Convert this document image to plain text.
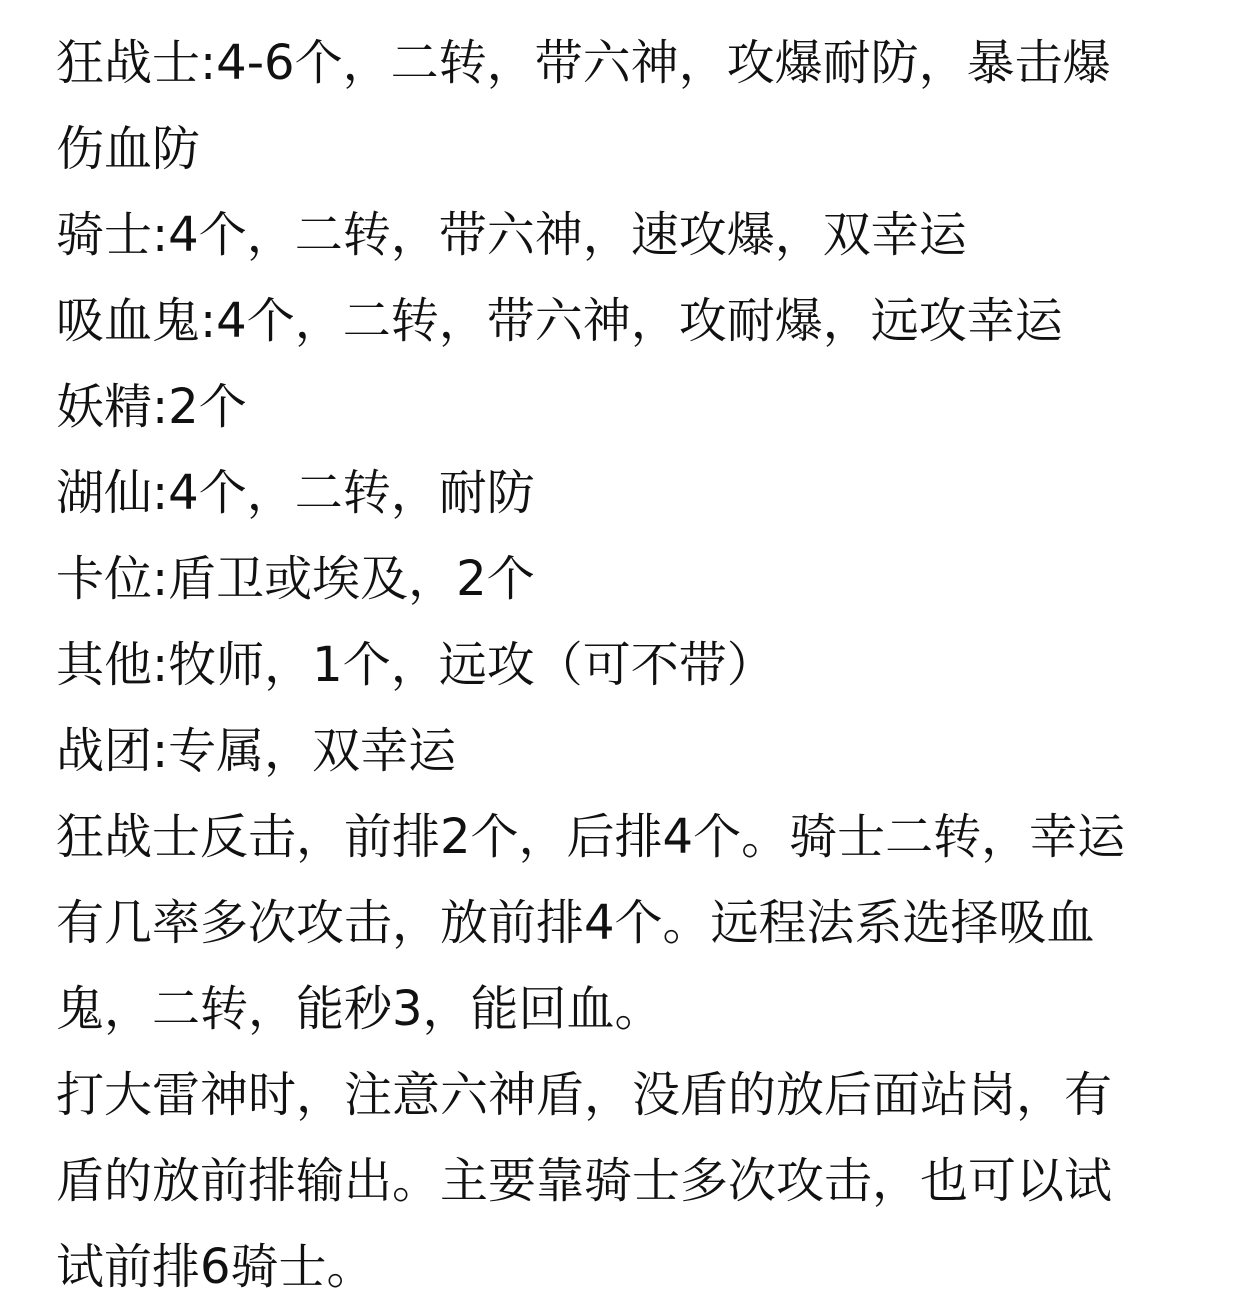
狂战士:4-6个，二转，带六神，攻爆耐防，暴击爆
伤血防
骑士:4个，二转，带六神，速攻爆，双幸运
吸血鬼:4个，二转，带六神，攻耐爆，远攻幸运
妖精:2个
湖仙:4个，二转，耐防
卡位:盾卫或埃及，2个
其他:牧师，1个，远攻（可不带）
战团:专属，双幸运
狂战士反击，前排2个，后排4个。骑士二转，幸运
有几率多次攻击，放前排4个。远程法系选择吸血
鬼，二转，能秒3，能回血。
打大雷神时，注意六神盾，没盾的放后面站岗，有
盾的放前排输出。主要靠骑士多次攻击，也可以试
试前排6骑士。
